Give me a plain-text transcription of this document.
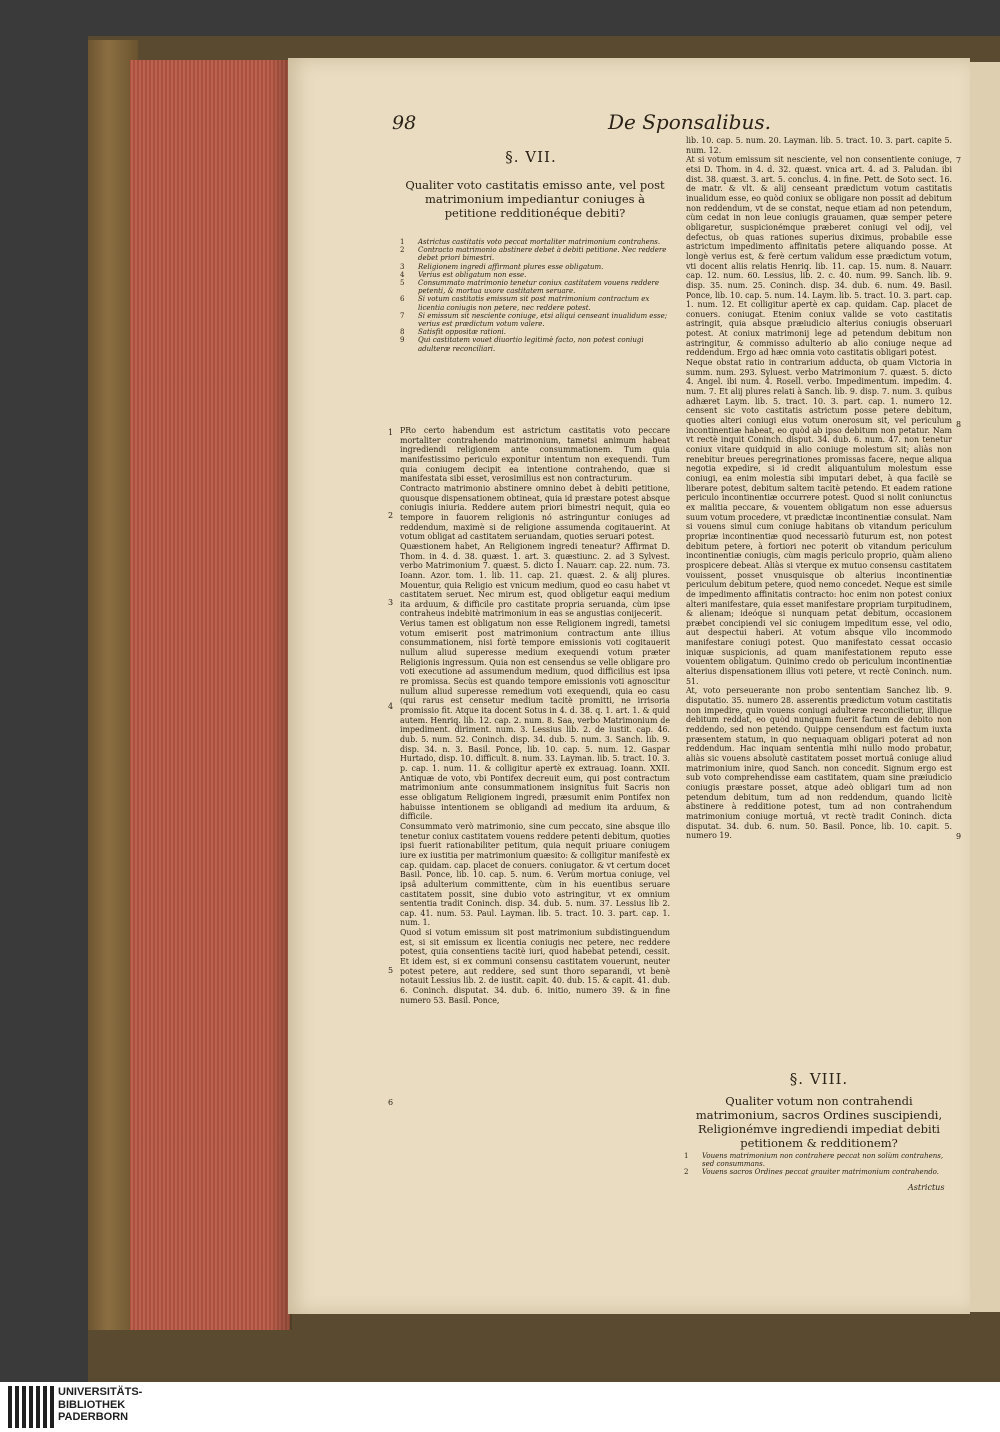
98	De Sponsalibus.
§. VII.
Qualiter voto castitatis emisso ante, vel post matrimonium impediantur coniuges à petitione redditionéque debiti?
1	Astrictus castitatis voto peccat mortaliter matrimonium contrahens.
2	Contracto matrimonio abstinere debet à debiti petitione. Nec reddere debet priori bimestri.
3	Religionem ingredi affirmant plures esse obligatum.
4	Verius est obligatum non esse.
5	Consummato matrimonio tenetur coniux castitatem vouens reddere petenti, & mortua uxore castitatem seruare.
6	Si votum castitatis emissum sit post matrimonium contractum ex licentia coniugis non petere, nec reddere potest.
7	Si emissum sit nesciente coniuge, etsi aliqui censeant inualidum esse; verius est prædictum votum valere.
8	Satisfit oppositæ rationi.
9	Qui castitatem vouet diuortio legitimè facto, non potest coniugi adulteræ reconciliari.

PRo certo habendum est astrictum castitatis voto peccare mortaliter contrahendo matrimonium, tametsi animum habeat ingrediendi religionem ante consummationem. Tum quia manifestissimo periculo exponitur intentum non exequendi. Tum quia coniugem decipit ea intentione contrahendo, quæ si manifestata sibi esset, verosimilius est non contracturum.

Contracto matrimonio abstinere omnino debet à debiti petitione, quousque dispensationem obtineat, quia id præstare potest absque coniugis iniuria. Reddere autem priori bimestri nequit, quia eo tempore in fauorem religionis nó astringuntur coniuges ad reddendum, maximè si de religione assumenda cogitauerint. At votum obligat ad castitatem seruandam, quoties seruari potest.

Quæstionem habet, An Religionem ingredi teneatur? Affirmat D. Thom. in 4. d. 38. quæst. 1. art. 3. quæstiunc. 2. ad 3 Sylvest. verbo Matrimonium 7. quæst. 5. dicto 1. Nauarr. cap. 22. num. 73. Ioann. Azor. tom. 1. lib. 11. cap. 21. quæst. 2. & alij plures. Mouentur, quia Religio est vnicum medium, quod eo casu habet vt castitatem seruet. Nec mirum est, quod obligetur eaqui medium ita arduum, & difficile pro castitate propria seruanda, cùm ipse contraheus indebitè matrimonium in eas se angustias conijecerit.

Verius tamen est obligatum non esse Religionem ingredi, tametsi votum emiserit post matrimonium contractum ante illius consummationem, nisi fortè tempore emissionis voti cogitauerit nullum aliud superesse medium exequendi votum præter Religionis ingressum. Quia non est censendus se velle obligare pro voti executione ad assumendum medium, quod difficilius est ipsa re promissa. Secùs est quando tempore emissionis voti agnoscitur nullum aliud superesse remedium voti exequendi, quia eo casu (qui rarus est censetur medium tacitè promitti, ne irrisoria promissio fit. Atque ita docent Sotus in 4. d. 38. q. 1. art. 1. & quid autem. Henriq. lib. 12. cap. 2. num. 8. Saa, verbo Matrimonium de impediment. diriment. num. 3. Lessius lib. 2. de iustit. cap. 46. dub. 5. num. 52. Coninch. disp. 34. dub. 5. num. 3. Sanch. lib. 9. disp. 34. n. 3. Basil. Ponce, lib. 10. cap. 5. num. 12. Gaspar Hurtado, disp. 10. difficult. 8. num. 33. Layman. lib. 5. tract. 10. 3. p. cap. 1. num. 11. & colligitur apertè ex extrauag. Ioann. XXII. Antiquæ de voto, vbi Pontifex decreuit eum, qui post contractum matrimonium ante consummationem insignitus fuit Sacris non esse obligatum Religionem ingredi, præsumit enim Pontifex non habuisse intentionem se obligandi ad medium ita arduum, & difficile.

Consummato verò matrimonio, sine cum peccato, sine absque illo tenetur coniux castitatem vouens reddere petenti debitum, quoties ipsi fuerit rationabiliter petitum, quia nequit priuare coniugem iure ex iustitia per matrimonium quæsito: & colligitur manifestè ex cap. quidam. cap. placet de conuers. coniugator. & vt certum docet Basil. Ponce, lib. 10. cap. 5. num. 6. Verùm mortua coniuge, vel ipsâ adulterium committente, cùm in his euentibus seruare castitatem possit, sine dubio voto astringitur, vt ex omnium sententia tradit Coninch. disp. 34. dub. 5. num. 37. Lessius lib 2. cap. 41. num. 53. Paul. Layman. lib. 5. tract. 10. 3. part. cap. 1. num. 1.

Quod si votum emissum sit post matrimonium subdistinguendum est, si sit emissum ex licentia coniugis nec petere, nec reddere potest, quia consentiens tacitè iuri, quod habebat petendi, cessit. Et idem est, si ex communi consensu castitatem vouerunt, neuter potest petere, aut reddere, sed sunt thoro separandi, vt benè notauit Lessius lib. 2. de iustit. capit. 40. dub. 15. & capit. 41. dub. 6. Coninch. disputat. 34. dub. 6. initio, numero 39. & in fine numero 53. Basil. Ponce,

1
2
3
4
5
6

lib. 10. cap. 5. num. 20. Layman. lib. 5. tract. 10. 3. part. capite 5. num. 12.

At si votum emissum sit nesciente, vel non consentiente coniuge, etsi D. Thom. in 4. d. 32. quæst. vnica art. 4. ad 3. Paludan. ibi dist. 38. quæst. 3. art. 5. conclus. 4. in fine. Pett. de Soto sect. 16. de matr. & vlt. & alij censeant prædictum votum castitatis inualidum esse, eo quòd coniux se obligare non possit ad debitum non reddendum, vt de se constat, neque etiam ad non petendum, cùm cedat in non leue coniugis grauamen, quæ semper petere obligaretur, suspicionémque præberet coniugi vel odij, vel defectus, ob quas rationes superius diximus, probabile esse astrictum impedimento affinitatis petere aliquando posse. At longè verius est, & ferè certum validum esse prædictum votum, vti docent aliis relatis Henriq. lib. 11. cap. 15. num. 8. Nauarr. cap. 12. num. 60. Lessius, lib. 2. c. 40. num. 99. Sanch. lib. 9. disp. 35. num. 25. Coninch. disp. 34. dub. 6. num. 49. Basil. Ponce, lib. 10. cap. 5. num. 14. Laym. lib. 5. tract. 10. 3. part. cap. 1. num. 12. Et colligitur apertè ex cap. quidam. Cap. placet de conuers. coniugat. Etenim coniux valide se voto castitatis astringit, quia absque præiudicio alterius coniugis obseruari potest. At coniux matrimonij lege ad petendum debitum non astringitur, & commisso adulterio ab alio coniuge neque ad reddendum. Ergo ad hæc omnia voto castitatis obligari potest.

Neque obstat ratio in contrarium adducta, ob quam Victoria in summ. num. 293. Syluest. verbo Matrimonium 7. quæst. 5. dicto 4. Angel. ibi num. 4. Rosell. verbo. Impedimentum. impedim. 4. num. 7. Et alij plures relati à Sanch. lib. 9. disp. 7. num. 3. quibus adhæret Laym. lib. 5. tract. 10. 3. part. cap. 1. numero 12. censent sic voto castitatis astrictum posse petere debitum, quoties alteri coniugi eius votum onerosum sit, vel periculum incontinentiæ habeat, eo quòd ab ipso debitum non petatur. Nam vt rectè inquit Coninch. disput. 34. dub. 6. num. 47. non tenetur coniux vitare quidquid in alio coniuge molestum sit; aliàs non renebitur breues peregrinationes promissas facere, neque aliqua negotia expedire, si id credit aliquantulum molestum esse coniugi, ea enim molestia sibi imputari debet, à qua facilè se liberare potest, debitum saltem tacitè petendo. Et eadem ratione periculo incontinentiæ occurrere potest. Quod si nolit coniunctus ex malitia peccare, & vouentem obligatum non esse aduersus suum votum procedere, vt prædictæ incontinentiæ consulat. Nam si vouens simul cum coniuge habitans ob vitandum periculum propriæ incontinentiæ quod necessariò futurum est, non potest debitum petere, à fortiori nec poterit ob vitandum periculum incontinentiæ coniugis, cùm magis periculo proprio, quàm alieno prospicere debeat. Aliàs si vterque ex mutuo consensu castitatem vouissent, posset vnusquisque ob alterius incontinentiæ periculum debitum petere, quod nemo concedet. Neque est simile de impedimento affinitatis contracto: hoc enim non potest coniux alteri manifestare, quia esset manifestare propriam turpitudinem, & alienam; ideóque si nunquam petat debitum, occasionem præbet concipiendi vel sic coniugem impeditum esse, vel odio, aut despectui haberi. At votum absque vllo incommodo manifestare coniugi potest. Quo manifestato cessat occasio iniquæ suspicionis, ad quam manifestationem reputo esse vouentem obligatum. Quinimo credo ob periculum incontinentiæ alterius dispensationem illius voti petere, vt rectè Coninch. num. 51.

At, voto perseuerante non probo sententiam Sanchez lib. 9. disputatio. 35. numero 28. asserentis prædictum votum castitatis non impedire, quin vouens coniugi adulteræ reconcilietur, illique debitum reddat, eo quòd nunquam fuerit factum de debito non reddendo, sed non petendo. Quippe censendum est factum iuxta præsentem statum, in quo nequaquam obligari poterat ad non reddendum. Hac inquam sententia mihi nullo modo probatur, aliàs sic vouens absolutè castitatem posset mortuâ coniuge aliud matrimonium inire, quod Sanch. non concedit. Signum ergo est sub voto comprehendisse eam castitatem, quam sine præiudicio coniugis præstare posset, atque adeò obligari tum ad non petendum debitum, tum ad non reddendum, quando licitè abstinere à redditione potest, tum ad non contrahendum matrimonium coniuge mortuâ, vt rectè tradit Coninch. dicta disputat. 34. dub. 6. num. 50. Basil. Ponce, lib. 10. capit. 5. numero 19.

7
8
9
§. VIII.
Qualiter votum non contrahendi matrimonium, sacros Ordines suscipiendi, Religionémve ingrediendi impediat debiti petitionem & redditionem?
1	Vouens matrimonium non contrahere peccat non solùm contrahens, sed consummans.
2	Vouens sacros Ordines peccat grauiter matrimonium contrahendo.
Astrictus
UNIVERSITÄTS-
BIBLIOTHEK
PADERBORN
